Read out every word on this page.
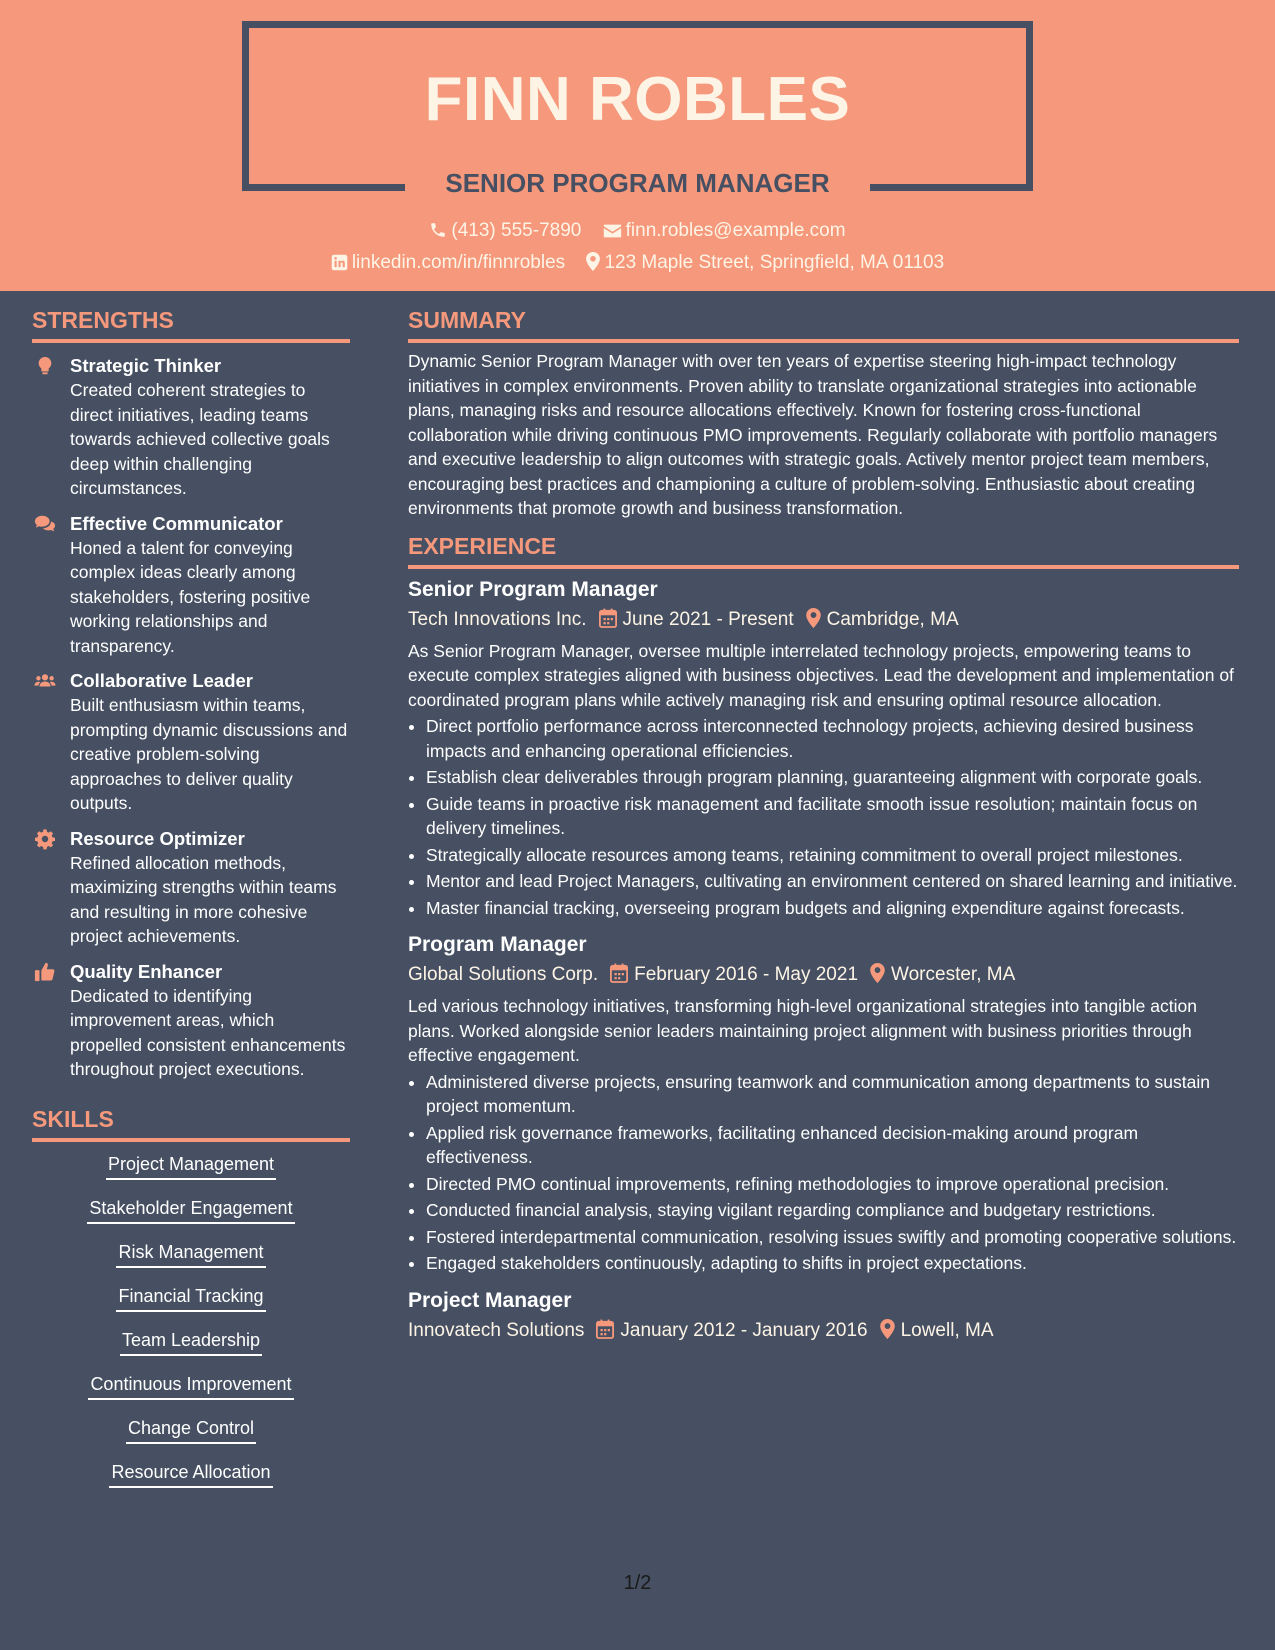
FINN ROBLES
SENIOR PROGRAM MANAGER
(413) 555-7890 finn.robles@example.com
linkedin.com/in/finnrobles 123 Maple Street, Springfield, MA 01103
STRENGTHS
Strategic Thinker
Created coherent strategies to direct initiatives, leading teams towards achieved collective goals deep within challenging circumstances.
Effective Communicator
Honed a talent for conveying complex ideas clearly among stakeholders, fostering positive working relationships and transparency.
Collaborative Leader
Built enthusiasm within teams, prompting dynamic discussions and creative problem-solving approaches to deliver quality outputs.
Resource Optimizer
Refined allocation methods, maximizing strengths within teams and resulting in more cohesive project achievements.
Quality Enhancer
Dedicated to identifying improvement areas, which propelled consistent enhancements throughout project executions.
SKILLS
Project Management
Stakeholder Engagement
Risk Management
Financial Tracking
Team Leadership
Continuous Improvement
Change Control
Resource Allocation
SUMMARY

Dynamic Senior Program Manager with over ten years of expertise steering high-impact technology initiatives in complex environments. Proven ability to translate organizational strategies into actionable plans, managing risks and resource allocations effectively. Known for fostering cross-functional collaboration while driving continuous PMO improvements. Regularly collaborate with portfolio managers and executive leadership to align outcomes with strategic goals. Actively mentor project team members, encouraging best practices and championing a culture of problem-solving. Enthusiastic about creating environments that promote growth and business transformation.

EXPERIENCE
Senior Program Manager
Tech Innovations Inc. June 2021 - Present Cambridge, MA
As Senior Program Manager, oversee multiple interrelated technology projects, empowering teams to execute complex strategies aligned with business objectives. Lead the development and implementation of coordinated program plans while actively managing risk and ensuring optimal resource allocation.
• Direct portfolio performance across interconnected technology projects, achieving desired business impacts and enhancing operational efficiencies.
• Establish clear deliverables through program planning, guaranteeing alignment with corporate goals.
• Guide teams in proactive risk management and facilitate smooth issue resolution; maintain focus on delivery timelines.
• Strategically allocate resources among teams, retaining commitment to overall project milestones.
• Mentor and lead Project Managers, cultivating an environment centered on shared learning and initiative.
• Master financial tracking, overseeing program budgets and aligning expenditure against forecasts.
Program Manager
Global Solutions Corp. February 2016 - May 2021 Worcester, MA
Led various technology initiatives, transforming high-level organizational strategies into tangible action plans. Worked alongside senior leaders maintaining project alignment with business priorities through effective engagement.
• Administered diverse projects, ensuring teamwork and communication among departments to sustain project momentum.
• Applied risk governance frameworks, facilitating enhanced decision-making around program effectiveness.
• Directed PMO continual improvements, refining methodologies to improve operational precision.
• Conducted financial analysis, staying vigilant regarding compliance and budgetary restrictions.
• Fostered interdepartmental communication, resolving issues swiftly and promoting cooperative solutions.
• Engaged stakeholders continuously, adapting to shifts in project expectations.
Project Manager
Innovatech Solutions January 2012 - January 2016 Lowell, MA
1/2
